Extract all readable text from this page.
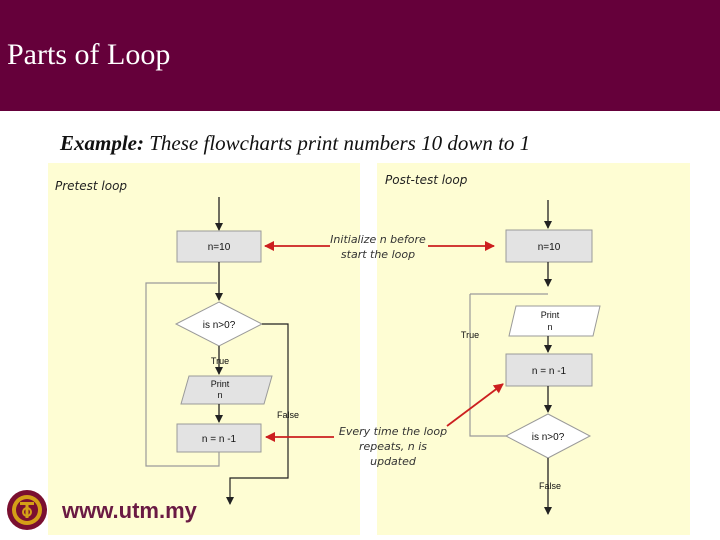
Parts of Loop
Example: These flowcharts print numbers 10 down to 1
Pretest loop	Post-test loop
n=10
is n>0?
True
Print
n
n = n -1
False
n=10
Print
n
n = n -1
is n>0?
True
False
Initialize n before
start the loop
Every time the loop
repeats, n is
updated
www.utm.my
